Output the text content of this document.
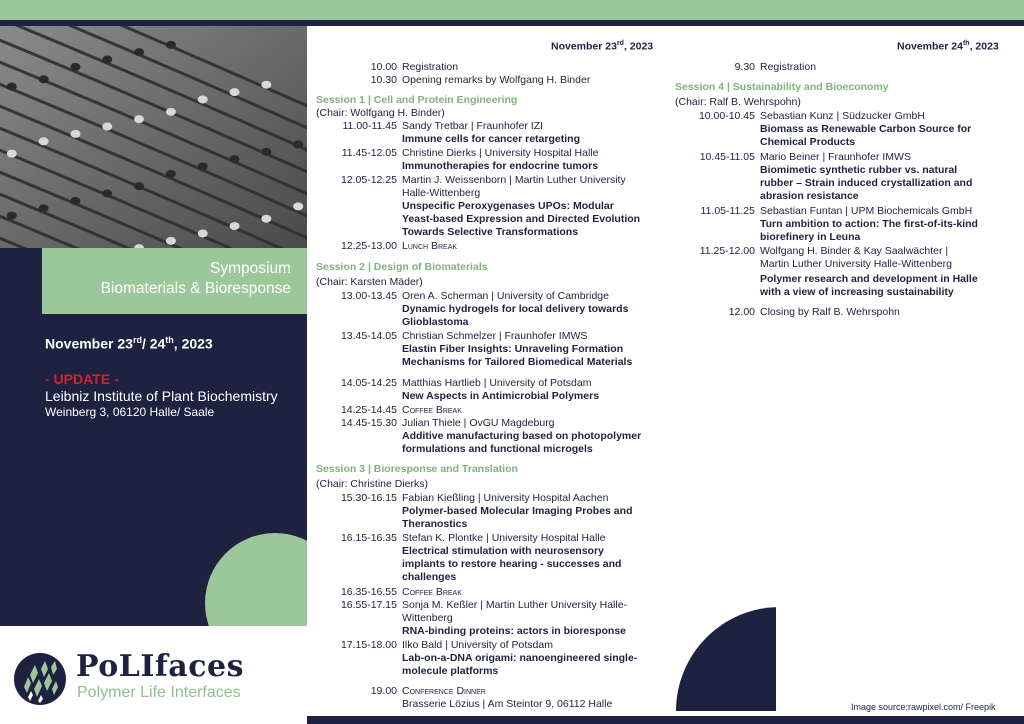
Symposium
Biomaterials & Bioresponse
November 23rd/ 24th, 2023
- UPDATE -
Leibniz Institute of Plant Biochemistry
Weinberg 3, 06120 Halle/ Saale
PoLIfaces
Polymer Life Interfaces
November 23rd, 2023
10.00 Registration
10.30 Opening remarks by Wolfgang H. Binder
Session 1 | Cell and Protein Engineering
(Chair: Wolfgang H. Binder)
11.00-11.45 Sandy Tretbar | Fraunhofer IZI
Immune cells for cancer retargeting
11.45-12.05 Christine Dierks | University Hospital Halle
Immunotherapies for endocrine tumors
12.05-12.25 Martin J. Weissenborn | Martin Luther University
Halle-Wittenberg
Unspecific Peroxygenases UPOs: Modular
Yeast-based Expression and Directed Evolution
Towards Selective Transformations
12.25-13.00 Lunch Break
Session 2 | Design of Biomaterials
(Chair: Karsten Mäder)
13.00-13.45 Oren A. Scherman | University of Cambridge
Dynamic hydrogels for local delivery towards
Glioblastoma
13.45-14.05 Christian Schmelzer | Fraunhofer IMWS
Elastin Fiber Insights: Unraveling Formation
Mechanisms for Tailored Biomedical Materials
14.05-14.25 Matthias Hartlieb | University of Potsdam
New Aspects in Antimicrobial Polymers
14.25-14.45 Coffee Break
14.45-15.30 Julian Thiele | OvGU Magdeburg
Additive manufacturing based on photopolymer
formulations and functional microgels
Session 3 | Bioresponse and Translation
(Chair: Christine Dierks)
15.30-16.15 Fabian Kießling | University Hospital Aachen
Polymer-based Molecular Imaging Probes and
Theranostics
16.15-16.35 Stefan K. Plontke | University Hospital Halle
Electrical stimulation with neurosensory
implants to restore hearing - successes and
challenges
16.35-16.55 Coffee Break
16.55-17.15 Sonja M. Keßler | Martin Luther University Halle-
Wittenberg
RNA-binding proteins: actors in bioresponse
17.15-18.00 Ilko Bald | University of Potsdam
Lab-on-a-DNA origami: nanoengineered single-
molecule platforms
19.00 Conference Dinner
Brasserie Lözius | Am Steintor 9, 06112 Halle
November 24th, 2023
9.30 Registration
Session 4 | Sustainability and Bioeconomy
(Chair: Ralf B. Wehrspohn)
10.00-10.45 Sebastian Kunz | Südzucker GmbH
Biomass as Renewable Carbon Source for
Chemical Products
10.45-11.05 Mario Beiner | Fraunhofer IMWS
Biomimetic synthetic rubber vs. natural
rubber – Strain induced crystallization and
abrasion resistance
11.05-11.25 Sebastian Funtan | UPM Biochemicals GmbH
Turn ambition to action: The first-of-its-kind
biorefinery in Leuna
11.25-12.00 Wolfgang H. Binder & Kay Saalwächter |
Martin Luther University Halle-Wittenberg
Polymer research and development in Halle
with a view of increasing sustainability
12.00 Closing by Ralf B. Wehrspohn
Image source:rawpixel.com/ Freepik
